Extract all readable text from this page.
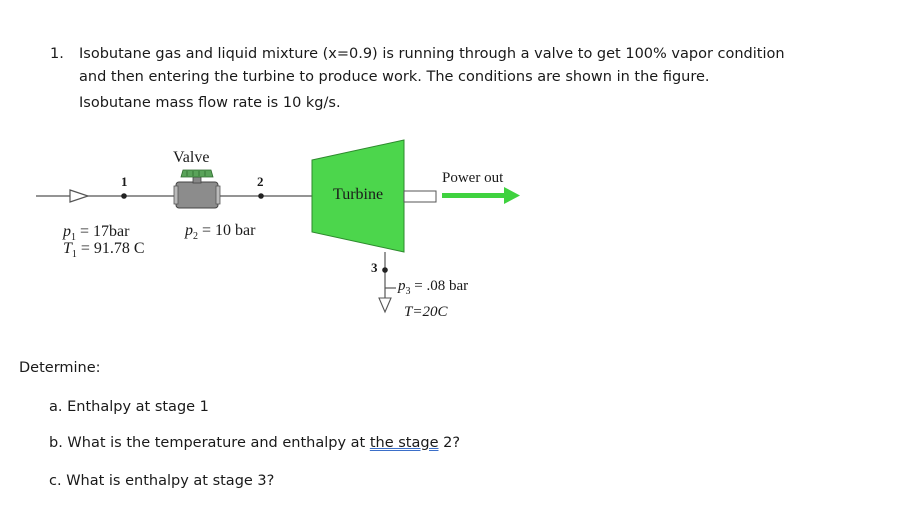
1. Isobutane gas and liquid mixture (x=0.9) is running through a valve to get 100% vapor condition
and then entering the turbine to produce work. The conditions are shown in the figure.
Isobutane mass flow rate is 10 kg/s.
Valve
1	2
Turbine
Power out
3
$p_1 = 17bar$
$T_1 = 91.78$ C
$p_2 = 10$ bar
$p_3 = .08$ bar
T=20C
Determine:
a. Enthalpy at stage 1
b. What is the temperature and enthalpy at the stage 2?
c. What is enthalpy at stage 3?
